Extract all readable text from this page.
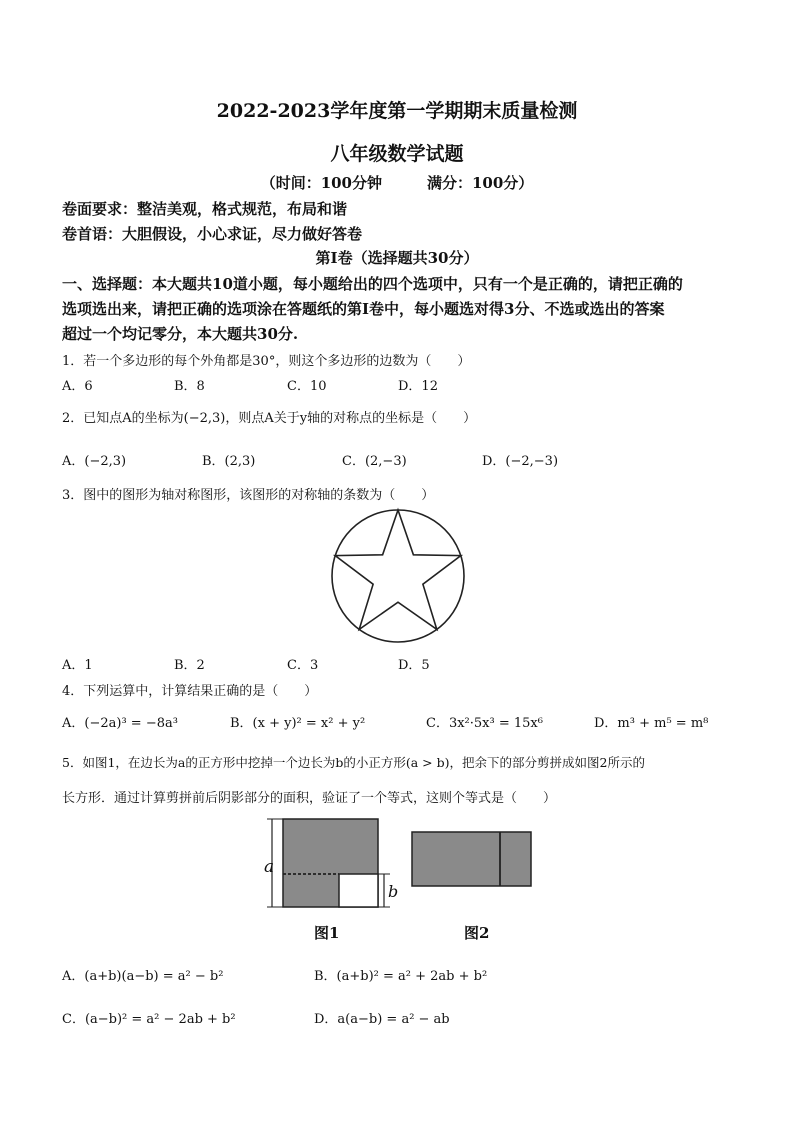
2022-2023学年度第一学期期末质量检测
八年级数学试题
（时间：100分钟　　　满分：100分）
卷面要求：整洁美观，格式规范，布局和谐
卷首语：大胆假设，小心求证，尽力做好答卷
第Ⅰ卷（选择题共30分）
一、选择题：本大题共10道小题，每小题给出的四个选项中，只有一个是正确的，请把正确的
选项选出来，请把正确的选项涂在答题纸的第Ⅰ卷中，每小题选对得3分、不选或选出的答案
超过一个均记零分，本大题共30分.
1．若一个多边形的每个外角都是30°，则这个多边形的边数为（　　）
A．6	B．8	C．10	D．12
2．已知点A的坐标为(−2,3)，则点A关于y轴的对称点的坐标是（　　）
A．(−2,3)	B．(2,3)	C．(2,−3)	D．(−2,−3)
3．图中的图形为轴对称图形，该图形的对称轴的条数为（　　）
A．1	B．2	C．3	D．5
4．下列运算中，计算结果正确的是（　　）
A．(−2a)³ = −8a³	B．(x + y)² = x² + y²	C．3x²·5x³ = 15x⁶	D．m³ + m⁵ = m⁸
5．如图1，在边长为a的正方形中挖掉一个边长为b的小正方形(a > b)，把余下的部分剪拼成如图2所示的
长方形．通过计算剪拼前后阴影部分的面积，验证了一个等式，这则个等式是（　　）
a
b
图1	图2
A．(a+b)(a−b) = a² − b²	B．(a+b)² = a² + 2ab + b²
C．(a−b)² = a² − 2ab + b²	D．a(a−b) = a² − ab
